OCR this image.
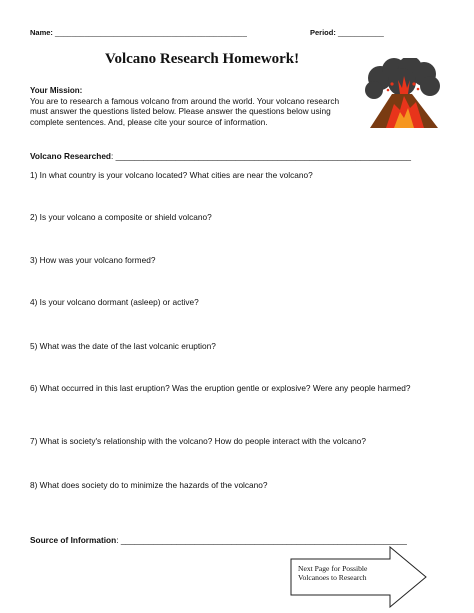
Name: ______________________________________________	Period: ___________
Volcano Research Homework!
Your Mission:
You are to research a famous volcano from around the world. Your volcano research must answer the questions listed below. Please answer the questions below using complete sentences. And, please cite your source of information.
Volcano Researched: ________________________________________________________________
1) In what country is your volcano located? What cities are near the volcano?
2) Is your volcano a composite or shield volcano?
3) How was your volcano formed?
4) Is your volcano dormant (asleep) or active?
5) What was the date of the last volcanic eruption?
6) What occurred in this last eruption? Was the eruption gentle or explosive? Were any people harmed?
7) What is society's relationship with the volcano? How do people interact with the volcano?
8) What does society do to minimize the hazards of the volcano?
Source of Information: ______________________________________________________________
Next Page for Possible
Volcanoes to Research
